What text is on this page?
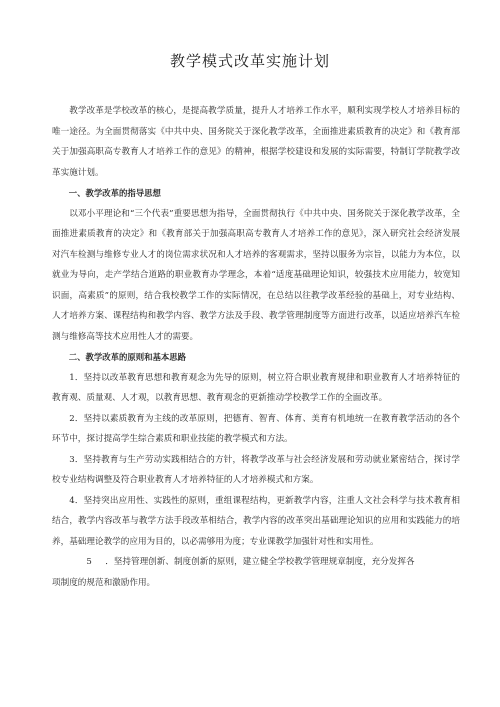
教学模式改革实施计划

教学改革是学校改革的核心，是提高教学质量，提升人才培养工作水平，顺利实现学校人才培养目标的唯一途径。为全面贯彻落实《中共中央、国务院关于深化教学改革，全面推进素质教育的决定》和《教育部关于加强高职高专教育人才培养工作的意见》的精神，根据学校建设和发展的实际需要，特制订学院教学改革实施计划。

一、教学改革的指导思想

以邓小平理论和“三个代表”重要思想为指导，全面贯彻执行《中共中央、国务院关于深化教学改革，全面推进素质教育的决定》和《教育部关于加强高职高专教育人才培养工作的意见》，深入研究社会经济发展对汽车检测与维修专业人才的岗位需求状况和人才培养的客观需求，坚持以服务为宗旨，以能力为本位，以就业为导向，走产学结合道路的职业教育办学理念，本着“适度基础理论知识，较强技术应用能力，较宽知识面，高素质”的原则，结合我校教学工作的实际情况，在总结以往教学改革经验的基础上，对专业结构、人才培养方案、课程结构和教学内容、教学方法及手段、教学管理制度等方面进行改革，以适应培养汽车检测与维修高等技术应用性人才的需要。

二、教学改革的原则和基本思路

1．坚持以改革教育思想和教育观念为先导的原则，树立符合职业教育规律和职业教育人才培养特征的教育观、质量观、人才观，以教育思想、教育观念的更新推动学校教学工作的全面改革。

2．坚持以素质教育为主线的改革原则，把德育、智育、体育、美育有机地统一在教育教学活动的各个环节中，探讨提高学生综合素质和职业技能的教学模式和方法。

3．坚持教育与生产劳动实践相结合的方针，将教学改革与社会经济发展和劳动就业紧密结合，探讨学校专业结构调整及符合职业教育人才培养特征的人才培养模式和方案。

4．坚持突出应用性、实践性的原则，重组课程结构，更新教学内容，注重人文社会科学与技术教育相结合，教学内容改革与教学方法手段改革相结合，教学内容的改革突出基础理论知识的应用和实践能力的培养，基础理论教学的应用为目的，以必需够用为度；专业课教学加强针对性和实用性。

5 ．坚持管理创新、制度创新的原则，建立健全学校教学管理规章制度，充分发挥各

项制度的规范和激励作用。
